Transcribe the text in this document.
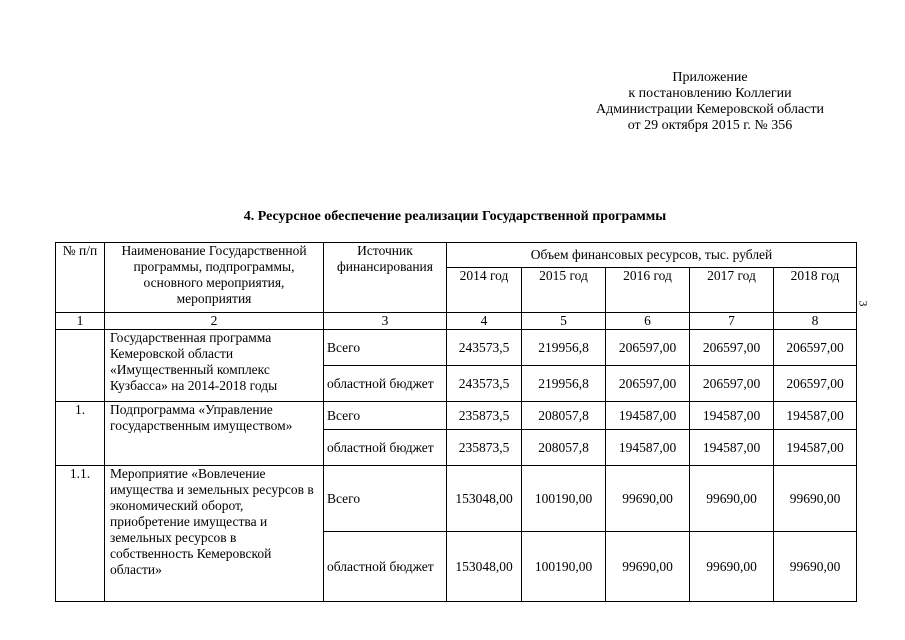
Приложение
к постановлению Коллегии
Администрации Кемеровской области
от 29 октября 2015 г. № 356
4. Ресурсное обеспечение реализации Государственной программы
3
№ п/п	Наименование Государственной программы, подпрограммы, основного мероприятия, мероприятия	Источник финансирования	Объем финансовых ресурсов, тыс. рублей				
			2014 год	2015 год	2016 год	2017 год	2018 год
1	2	3	4	5	6	7	8
	Государственная программа Кемеровской области «Имущественный комплекс Кузбасса» на 2014-2018 годы	Всего	243573,5	219956,8	206597,00	206597,00	206597,00
		областной бюджет	243573,5	219956,8	206597,00	206597,00	206597,00
1.	Подпрограмма «Управление государственным имуществом»	Всего	235873,5	208057,8	194587,00	194587,00	194587,00
		областной бюджет	235873,5	208057,8	194587,00	194587,00	194587,00
1.1.	Мероприятие «Вовлечение имущества и земельных ресурсов в экономический оборот, приобретение имущества и земельных ресурсов в собственность Кемеровской области»	Всего	153048,00	100190,00	99690,00	99690,00	99690,00
		областной бюджет	153048,00	100190,00	99690,00	99690,00	99690,00
